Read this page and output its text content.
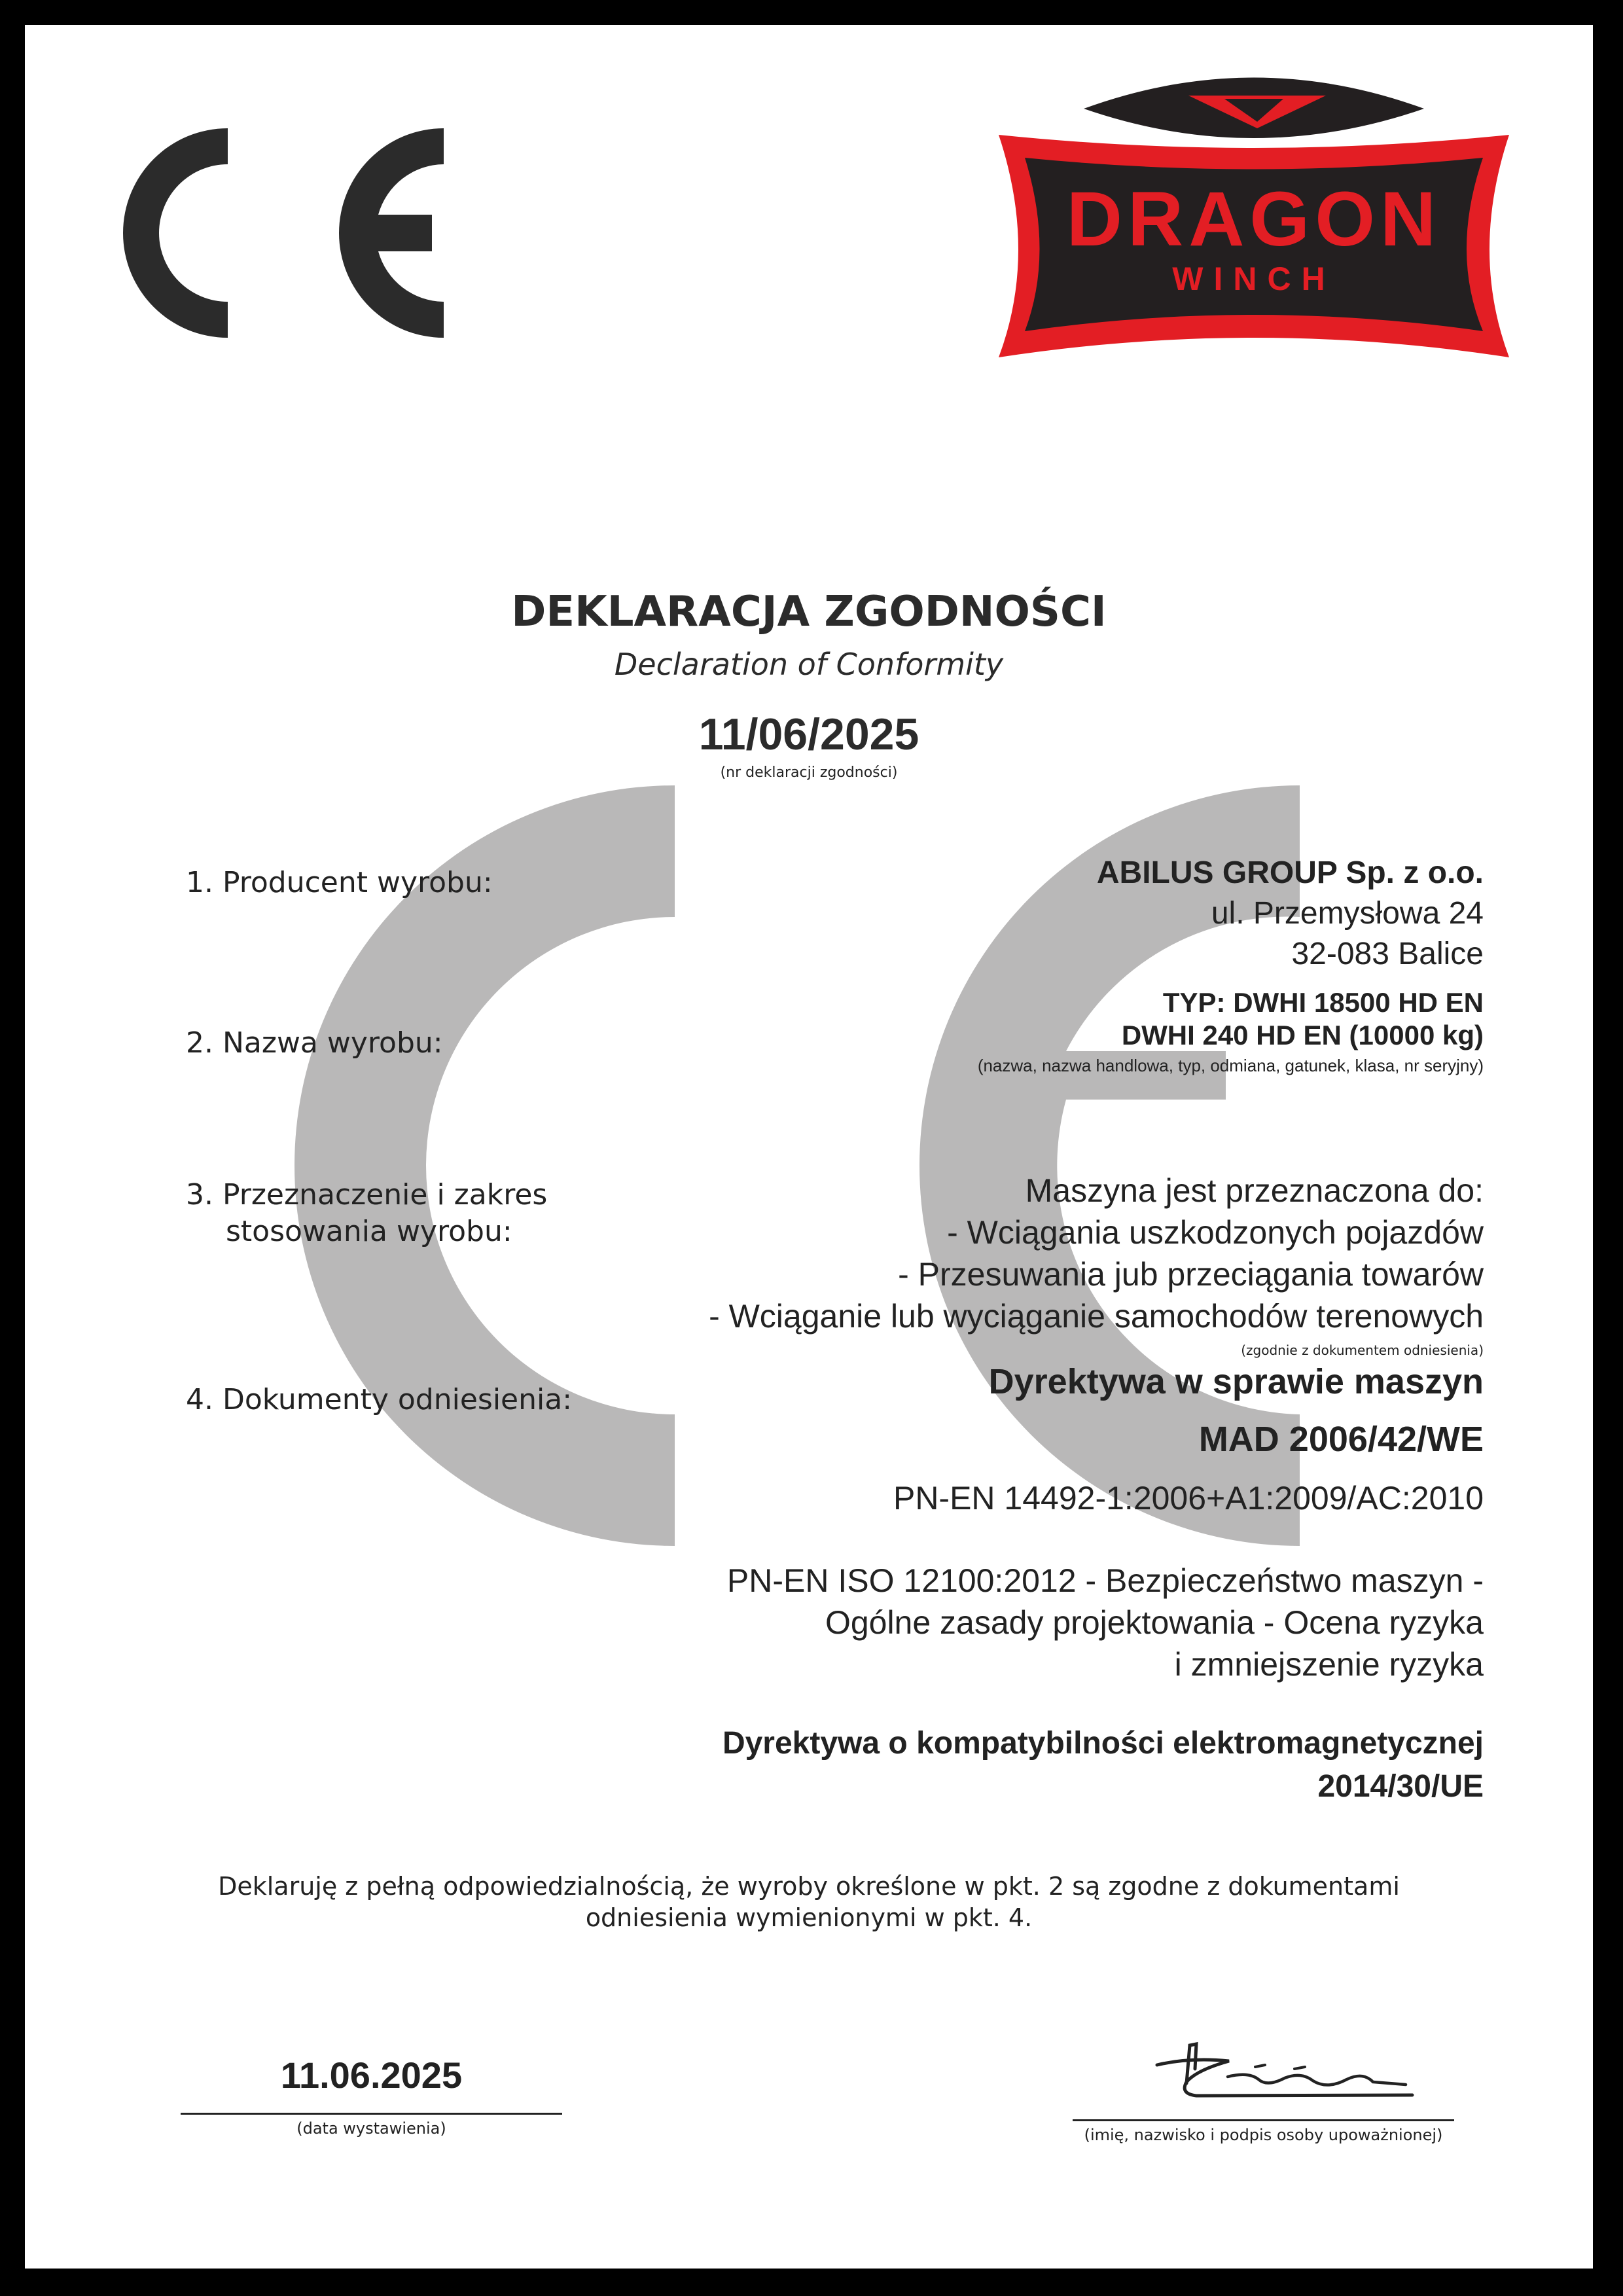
DRAGON
WINCH
DEKLARACJA ZGODNOŚCI
Declaration of Conformity
11/06/2025
(nr deklaracji zgodności)
1. Producent wyrobu:	ABILUS GROUP Sp. z o.o.
ul. Przemysłowa 24
32-083 Balice
2. Nazwa wyrobu:
TYP: DWHI 18500 HD EN
DWHI 240 HD EN (10000 kg)
(nazwa, nazwa handlowa, typ, odmiana, gatunek, klasa, nr seryjny)
3. Przeznaczenie i zakres
stosowania wyrobu:
Maszyna jest przeznaczona do:
- Wciągania uszkodzonych pojazdów
- Przesuwania jub przeciągania towarów
- Wciąganie lub wyciąganie samochodów terenowych
(zgodnie z dokumentem odniesienia)
4. Dokumenty odniesienia:	Dyrektywa w sprawie maszyn
MAD 2006/42/WE
PN-EN 14492-1:2006+A1:2009/AC:2010
PN-EN ISO 12100:2012 - Bezpieczeństwo maszyn -
Ogólne zasady projektowania - Ocena ryzyka
i zmniejszenie ryzyka
Dyrektywa o kompatybilności elektromagnetycznej
2014/30/UE
Deklaruję z pełną odpowiedzialnością, że wyroby określone w pkt. 2 są zgodne z dokumentami
odniesienia wymienionymi w pkt. 4.
11.06.2025
(data wystawienia)	(imię, nazwisko i podpis osoby upoważnionej)
